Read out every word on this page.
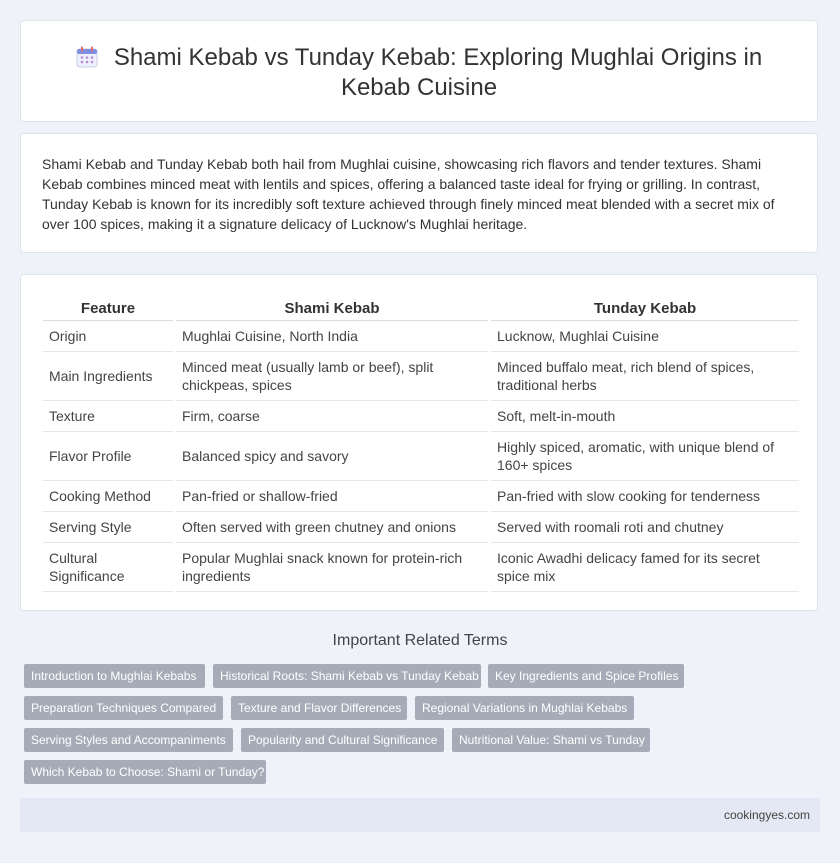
Shami Kebab vs Tunday Kebab: Exploring Mughlai Origins in Kebab Cuisine

Shami Kebab and Tunday Kebab both hail from Mughlai cuisine, showcasing rich flavors and tender textures. Shami Kebab combines minced meat with lentils and spices, offering a balanced taste ideal for frying or grilling. In contrast, Tunday Kebab is known for its incredibly soft texture achieved through finely minced meat blended with a secret mix of over 100 spices, making it a signature delicacy of Lucknow's Mughlai heritage.

Feature	Shami Kebab	Tunday Kebab
Origin	Mughlai Cuisine, North India	Lucknow, Mughlai Cuisine
Main Ingredients	Minced meat (usually lamb or beef), split chickpeas, spices	Minced buffalo meat, rich blend of spices, traditional herbs
Texture	Firm, coarse	Soft, melt-in-mouth
Flavor Profile	Balanced spicy and savory	Highly spiced, aromatic, with unique blend of 160+ spices
Cooking Method	Pan-fried or shallow-fried	Pan-fried with slow cooking for tenderness
Serving Style	Often served with green chutney and onions	Served with roomali roti and chutney
Cultural Significance	Popular Mughlai snack known for protein-rich ingredients	Iconic Awadhi delicacy famed for its secret spice mix
Important Related Terms
Introduction to Mughlai Kebabs	Historical Roots: Shami Kebab vs Tunday Kebab	Key Ingredients and Spice Profiles
Preparation Techniques Compared	Texture and Flavor Differences	Regional Variations in Mughlai Kebabs
Serving Styles and Accompaniments	Popularity and Cultural Significance	Nutritional Value: Shami vs Tunday
Which Kebab to Choose: Shami or Tunday?
cookingyes.com
